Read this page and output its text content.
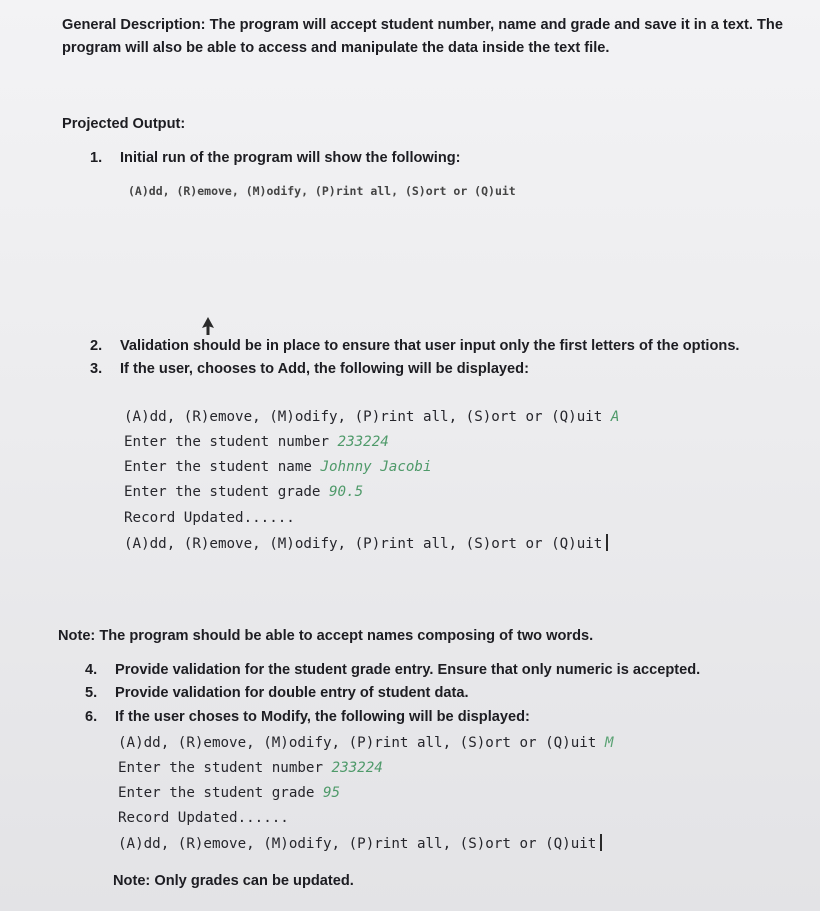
General Description: The program will accept student number, name and grade and save it in a text. The
program will also be able to access and manipulate the data inside the text file.
Projected Output:
1. Initial run of the program will show the following:
(A)dd, (R)emove, (M)odify, (P)rint all, (S)ort or (Q)uit
2. Validation should be in place to ensure that user input only the first letters of the options.
3. If the user, chooses to Add, the following will be displayed:
(A)dd, (R)emove, (M)odify, (P)rint all, (S)ort or (Q)uit A
Enter the student number 233224
Enter the student name Johnny Jacobi
Enter the student grade 90.5
Record Updated......
(A)dd, (R)emove, (M)odify, (P)rint all, (S)ort or (Q)uit
Note: The program should be able to accept names composing of two words.
4. Provide validation for the student grade entry. Ensure that only numeric is accepted.
5. Provide validation for double entry of student data.
6. If the user choses to Modify, the following will be displayed:
(A)dd, (R)emove, (M)odify, (P)rint all, (S)ort or (Q)uit M
Enter the student number 233224
Enter the student grade 95
Record Updated......
(A)dd, (R)emove, (M)odify, (P)rint all, (S)ort or (Q)uit
Note: Only grades can be updated.
